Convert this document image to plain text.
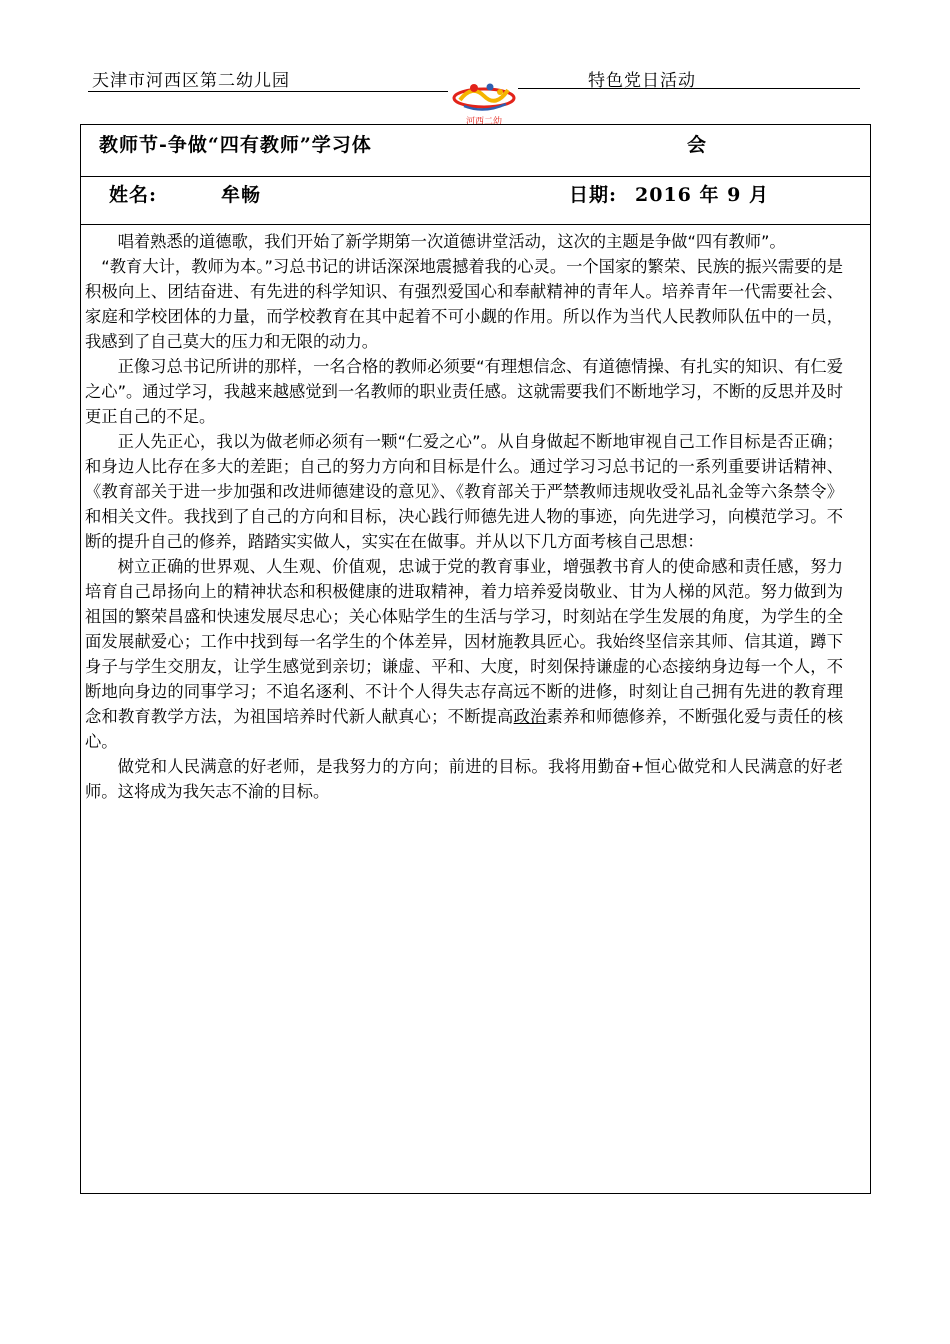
天津市河西区第二幼儿园	特色党日活动
河西二幼
教师节-争做“四有教师”学习体	会
姓名:	牟畅	日期: 2016 年 9 月

唱着熟悉的道德歌，我们开始了新学期第一次道德讲堂活动，这次的主题是争做“四有教师”。

“教育大计，教师为本。”习总书记的讲话深深地震撼着我的心灵。一个国家的繁荣、民族的振兴需要的是积极向上、团结奋进、有先进的科学知识、有强烈爱国心和奉献精神的青年人。培养青年一代需要社会、家庭和学校团体的力量，而学校教育在其中起着不可小觑的作用。所以作为当代人民教师队伍中的一员，我感到了自己莫大的压力和无限的动力。

正像习总书记所讲的那样，一名合格的教师必须要“有理想信念、有道德情操、有扎实的知识、有仁爱之心”。通过学习，我越来越感觉到一名教师的职业责任感。这就需要我们不断地学习，不断的反思并及时更正自己的不足。

正人先正心，我以为做老师必须有一颗“仁爱之心”。从自身做起不断地审视自己工作目标是否正确；和身边人比存在多大的差距；自己的努力方向和目标是什么。通过学习习总书记的一系列重要讲话精神、《教育部关于进一步加强和改进师德建设的意见》、《教育部关于严禁教师违规收受礼品礼金等六条禁令》和相关文件。我找到了自己的方向和目标，决心践行师德先进人物的事迹，向先进学习，向模范学习。不断的提升自己的修养，踏踏实实做人，实实在在做事。并从以下几方面考核自己思想：

树立正确的世界观、人生观、价值观，忠诚于党的教育事业，增强教书育人的使命感和责任感，努力培育自己昂扬向上的精神状态和积极健康的进取精神，着力培养爱岗敬业、甘为人梯的风范。努力做到为祖国的繁荣昌盛和快速发展尽忠心；关心体贴学生的生活与学习，时刻站在学生发展的角度，为学生的全面发展献爱心；工作中找到每一名学生的个体差异，因材施教具匠心。我始终坚信亲其师、信其道，蹲下身子与学生交朋友，让学生感觉到亲切；谦虚、平和、大度，时刻保持谦虚的心态接纳身边每一个人，不断地向身边的同事学习；不追名逐利、不计个人得失志存高远不断的进修，时刻让自己拥有先进的教育理念和教育教学方法，为祖国培养时代新人献真心；不断提高政治素养和师德修养，不断强化爱与责任的核心。

做党和人民满意的好老师，是我努力的方向；前进的目标。我将用勤奋+恒心做党和人民满意的好老师。这将成为我矢志不渝的目标。
